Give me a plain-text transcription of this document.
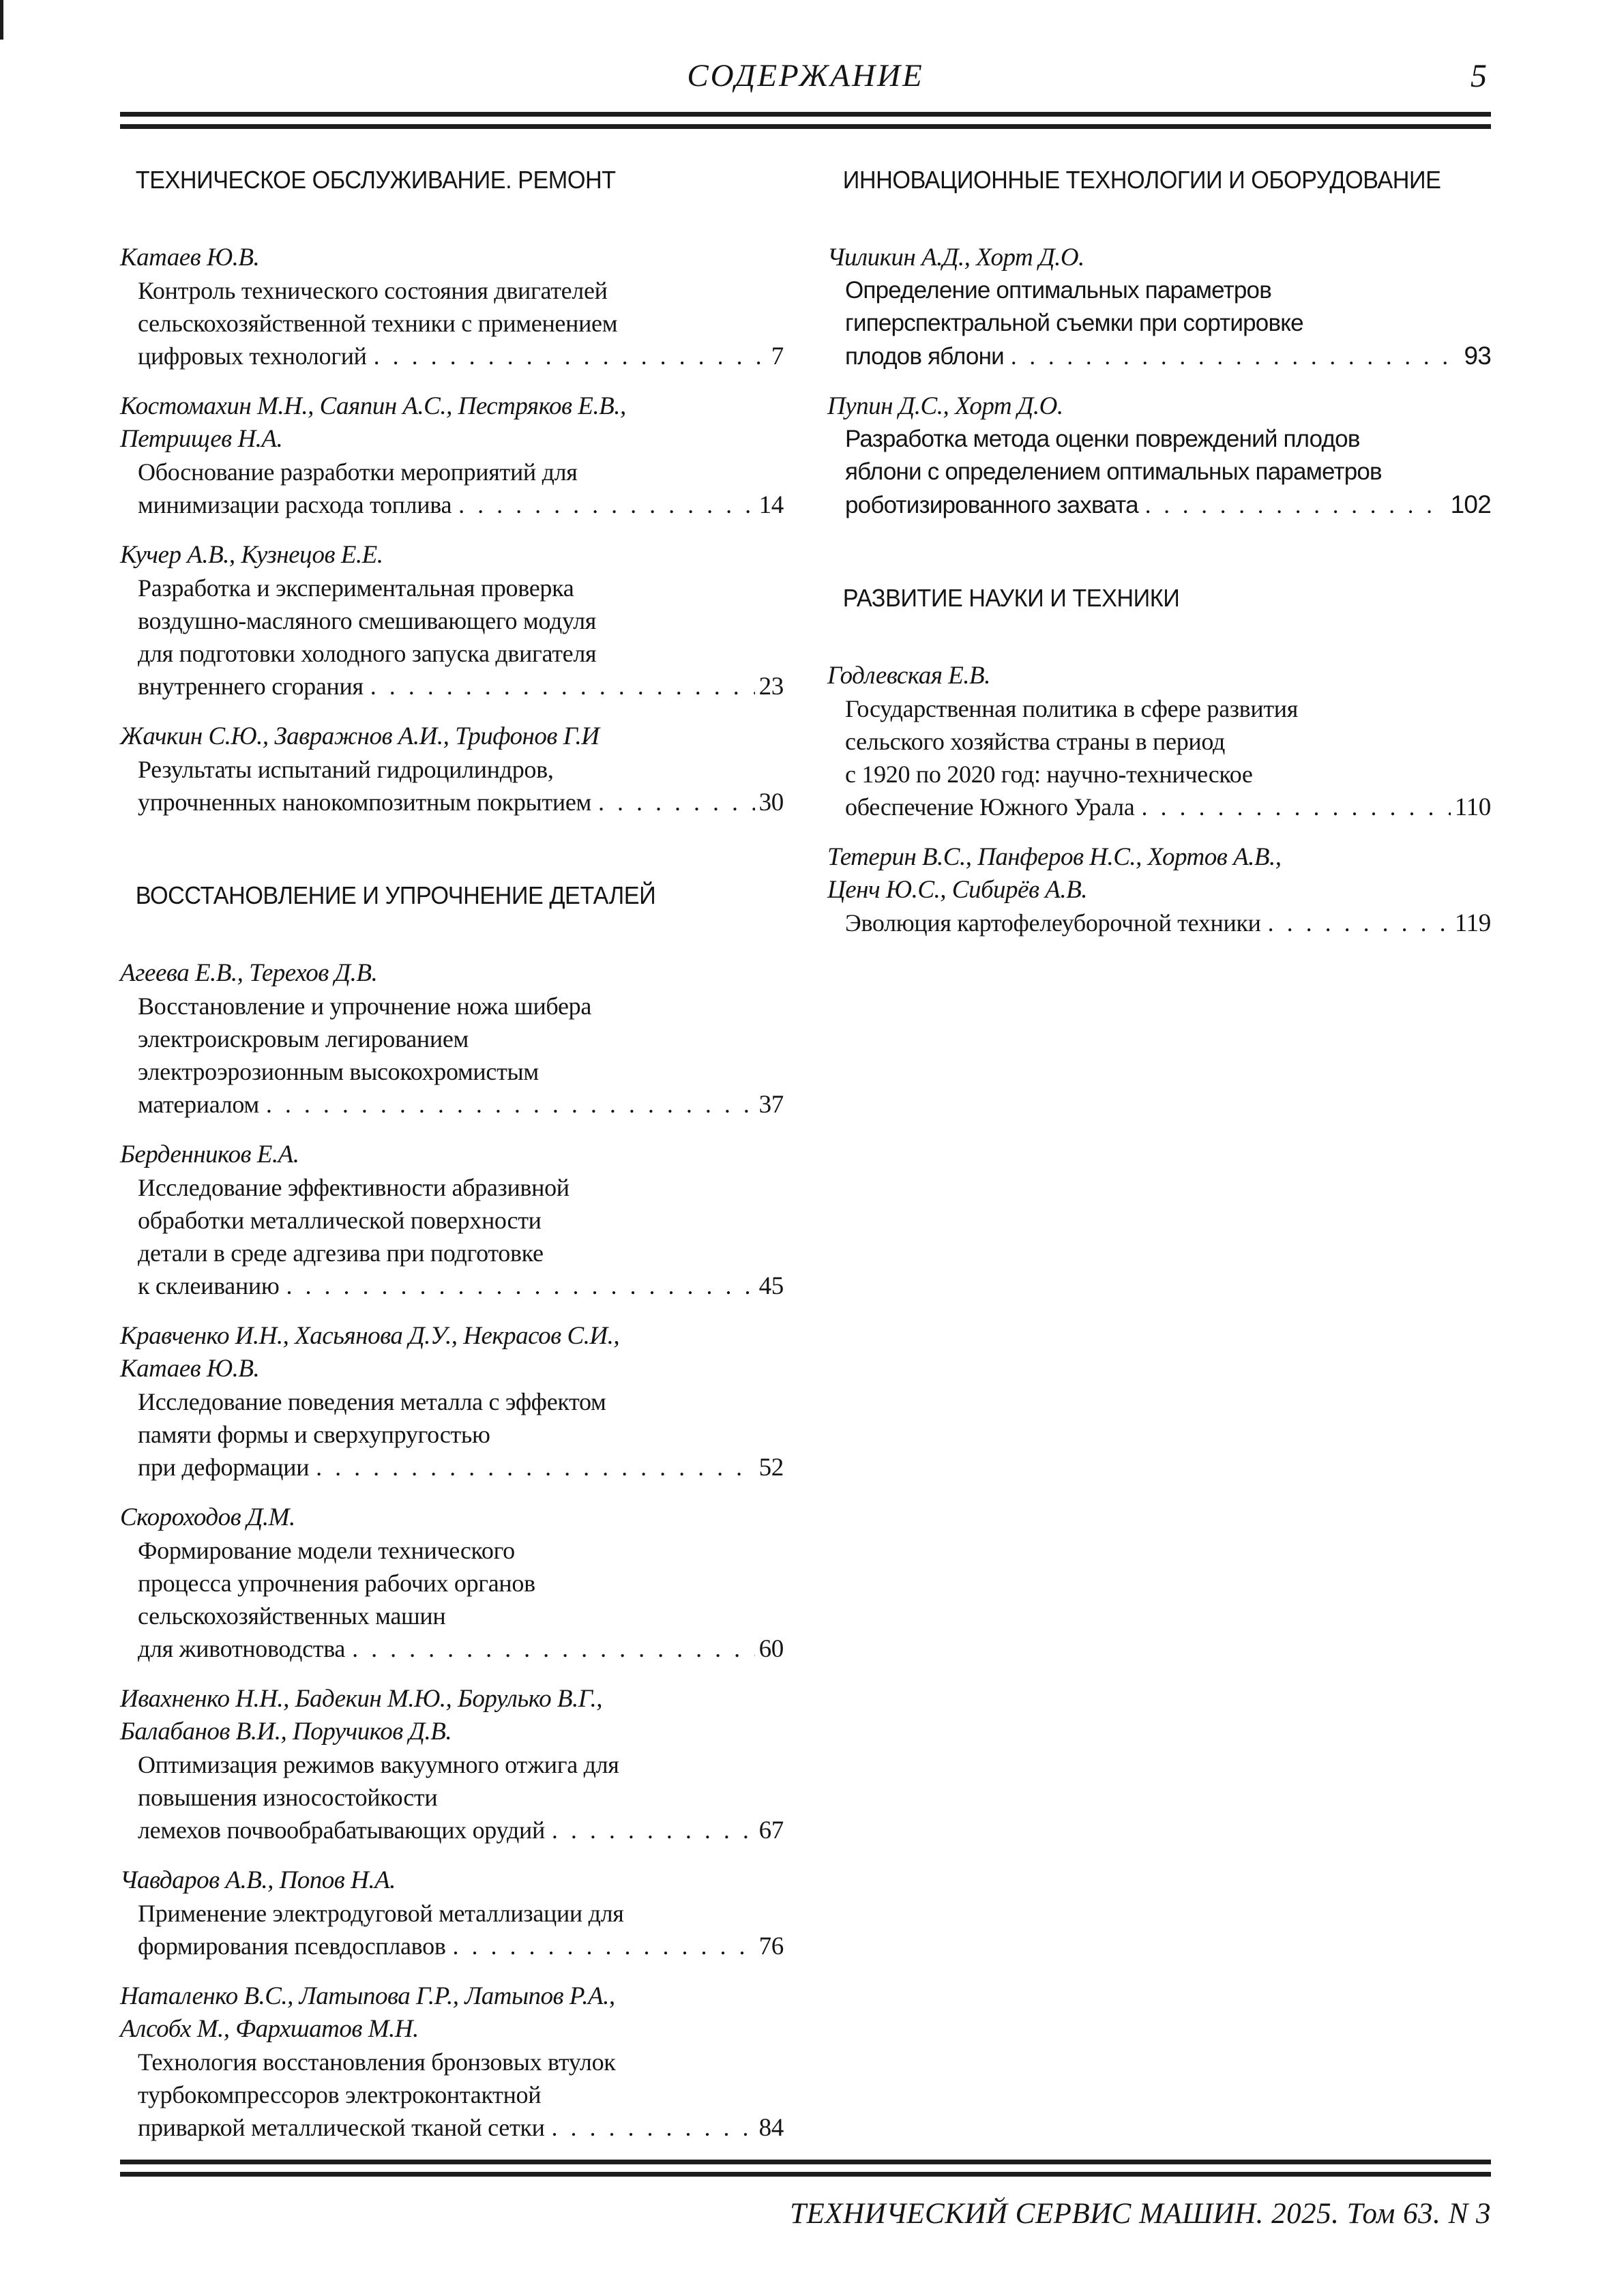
СОДЕРЖАНИЕ	5
ТЕХНИЧЕСКОЕ ОБСЛУЖИВАНИЕ. РЕМОНТ

Катаев Ю.В.

Контроль технического состояния двигателей

сельскохозяйственной техники с применением

цифровых технологий . . .	7

Костомахин М.Н., Саяпин А.С., Пестряков Е.В.,
Петрищев Н.А.

Обоснование разработки мероприятий для

минимизации расхода топлива . . .	14

Кучер А.В., Кузнецов Е.Е.

Разработка и экспериментальная проверка

воздушно-масляного смешивающего модуля

для подготовки холодного запуска двигателя

внутреннего сгорания . . .	23

Жачкин С.Ю., Завражнов А.И., Трифонов Г.И

Результаты испытаний гидроцилиндров,

упрочненных нанокомпозитным покрытием . . .	30

ВОССТАНОВЛЕНИЕ И УПРОЧНЕНИЕ ДЕТАЛЕЙ

Агеева Е.В., Терехов Д.В.

Восстановление и упрочнение ножа шибера

электроискровым легированием

электроэрозионным высокохромистым

материалом . . .	37

Берденников Е.А.

Исследование эффективности абразивной

обработки металлической поверхности

детали в среде адгезива при подготовке

к склеиванию . . .	45

Кравченко И.Н., Хасьянова Д.У., Некрасов С.И.,
Катаев Ю.В.

Исследование поведения металла с эффектом

памяти формы и сверхупругостью

при деформации . . .	52

Скороходов Д.М.

Формирование модели технического

процесса упрочнения рабочих органов

сельскохозяйственных машин

для животноводства . . .	60

Ивахненко Н.Н., Бадекин М.Ю., Борулько В.Г.,
Балабанов В.И., Поручиков Д.В.

Оптимизация режимов вакуумного отжига для

повышения износостойкости

лемехов почвообрабатывающих орудий . . .	67

Чавдаров А.В., Попов Н.А.

Применение электродуговой металлизации для

формирования псевдосплавов . . .	76

Наталенко В.С., Латыпова Г.Р., Латыпов Р.А.,
Алсобх М., Фархшатов М.Н.

Технология восстановления бронзовых втулок

турбокомпрессоров электроконтактной

приваркой металлической тканой сетки . . .	84

ИННОВАЦИОННЫЕ ТЕХНОЛОГИИ И ОБОРУДОВАНИЕ

Чиликин А.Д., Хорт Д.О.

Определение оптимальных параметров

гиперспектральной съемки при сортировке

плодов яблони . . .	93

Пупин Д.С., Хорт Д.О.

Разработка метода оценки повреждений плодов

яблони с определением оптимальных параметров

роботизированного захвата . . .	102

РАЗВИТИЕ НАУКИ И ТЕХНИКИ

Годлевская Е.В.

Государственная политика в сфере развития

сельского хозяйства страны в период

с 1920 по 2020 год: научно-техническое

обеспечение Южного Урала . . .	110

Тетерин В.С., Панферов Н.С., Хортов А.В.,
Ценч Ю.С., Сибирёв А.В.

Эволюция картофелеуборочной техники . . .	119

ТЕХНИЧЕСКИЙ СЕРВИС МАШИН. 2025. Том 63. N 3
